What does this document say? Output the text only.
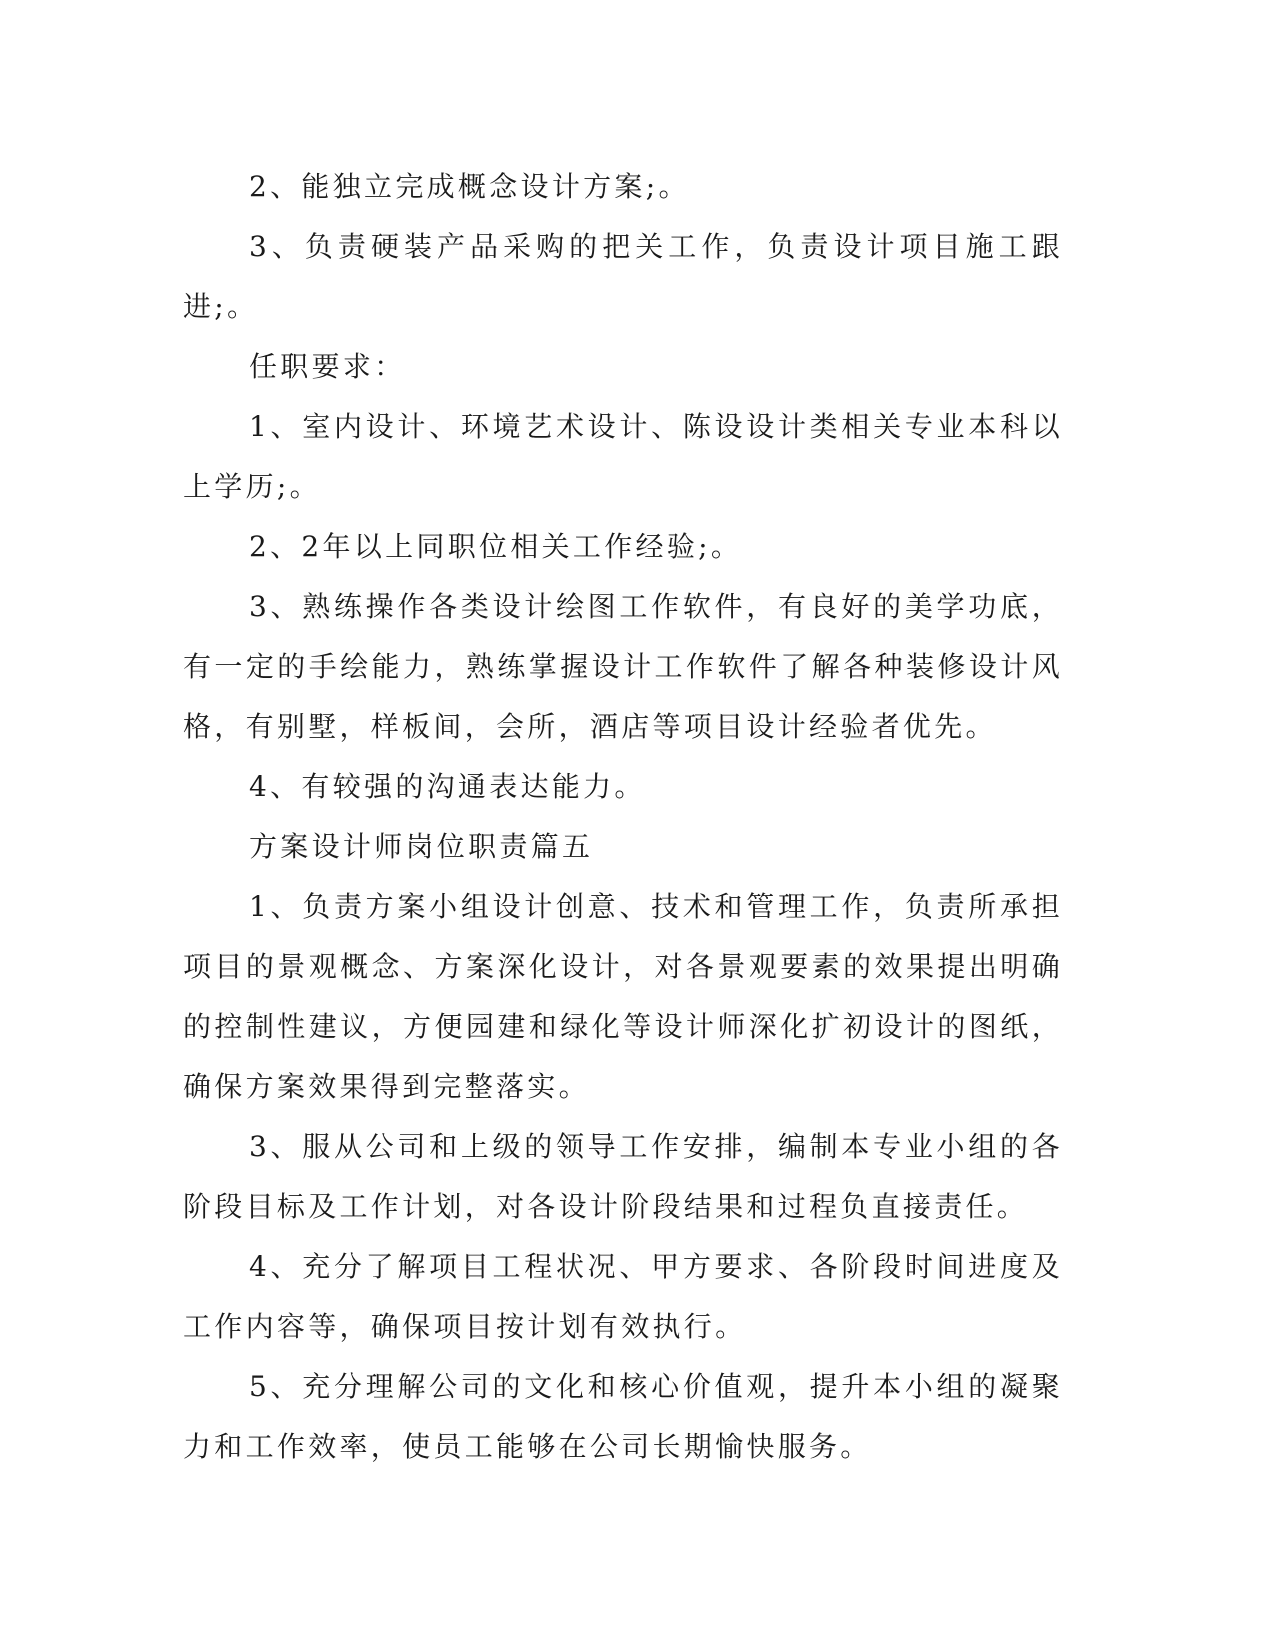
2、能独立完成概念设计方案;。

3、负责硬装产品采购的把关工作，负责设计项目施工跟进;。

任职要求：

1、室内设计、环境艺术设计、陈设设计类相关专业本科以上学历;。

2、2年以上同职位相关工作经验;。

3、熟练操作各类设计绘图工作软件，有良好的美学功底，有一定的手绘能力，熟练掌握设计工作软件了解各种装修设计风格，有别墅，样板间，会所，酒店等项目设计经验者优先。

4、有较强的沟通表达能力。

方案设计师岗位职责篇五

1、负责方案小组设计创意、技术和管理工作，负责所承担项目的景观概念、方案深化设计，对各景观要素的效果提出明确的控制性建议，方便园建和绿化等设计师深化扩初设计的图纸，确保方案效果得到完整落实。

3、服从公司和上级的领导工作安排，编制本专业小组的各阶段目标及工作计划，对各设计阶段结果和过程负直接责任。

4、充分了解项目工程状况、甲方要求、各阶段时间进度及工作内容等，确保项目按计划有效执行。

5、充分理解公司的文化和核心价值观，提升本小组的凝聚力和工作效率，使员工能够在公司长期愉快服务。
